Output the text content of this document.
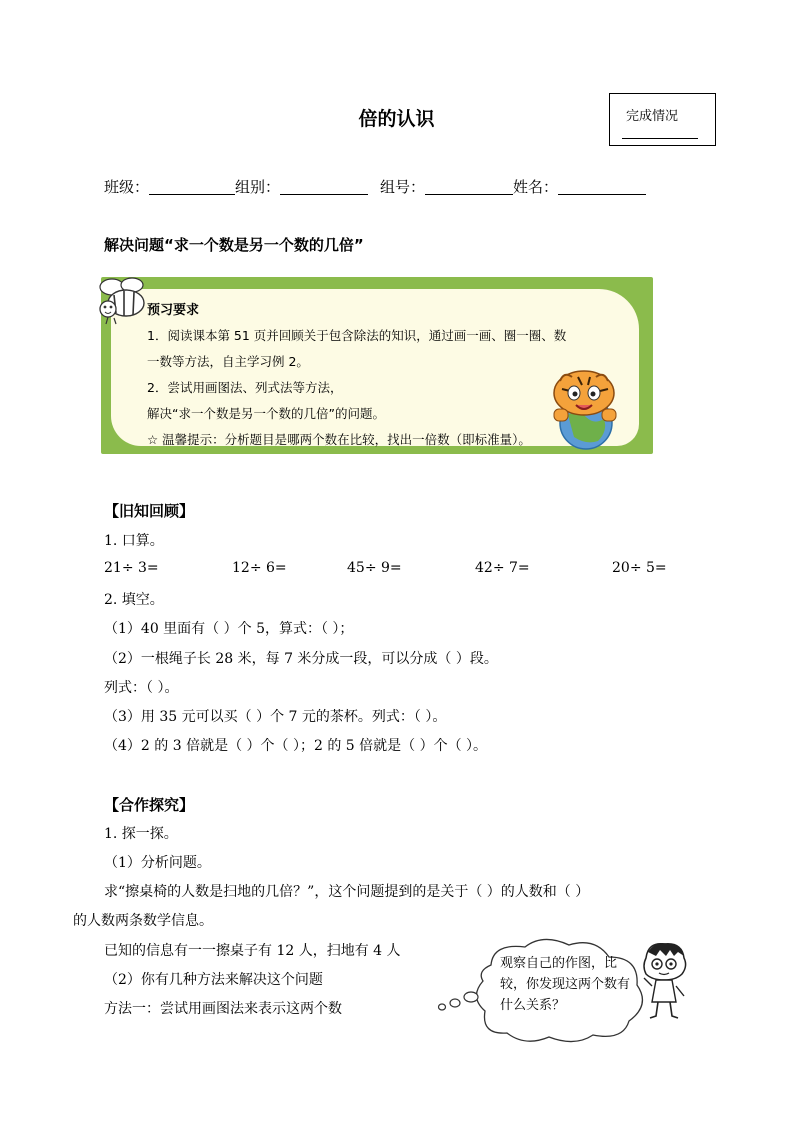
倍的认识	完成情况
班级：	组别：	组号：	姓名：
解决问题“求一个数是另一个数的几倍”
预习要求
1．阅读课本第 51 页并回顾关于包含除法的知识，通过画一画、圈一圈、数
一数等方法，自主学习例 2。
2．尝试用画图法、列式法等方法，
解决“求一个数是另一个数的几倍”的问题。
☆ 温馨提示：分析题目是哪两个数在比较，找出一倍数（即标准量）。
【旧知回顾】
1. 口算。
21÷ 3=	12÷ 6=	45÷ 9=	42÷ 7=	20÷ 5=
2. 填空。
（1）40 里面有（ ）个 5，算式：（ ）；
（2）一根绳子长 28 米，每 7 米分成一段，可以分成（ ）段。
列式：（ ）。
（3）用 35 元可以买（ ）个 7 元的茶杯。列式：（ ）。
（4）2 的 3 倍就是（ ）个（ ）；2 的 5 倍就是（ ）个（ ）。
【合作探究】
1. 探一探。
（1）分析问题。
求“擦桌椅的人数是扫地的几倍？”，这个问题提到的是关于（ ）的人数和（ ）
的人数两条数学信息。
已知的信息有一一擦桌子有 12 人，扫地有 4 人
（2）你有几种方法来解决这个问题
方法一：尝试用画图法来表示这两个数
观察自己的作图，比较，你发现这两个数有什么关系？
